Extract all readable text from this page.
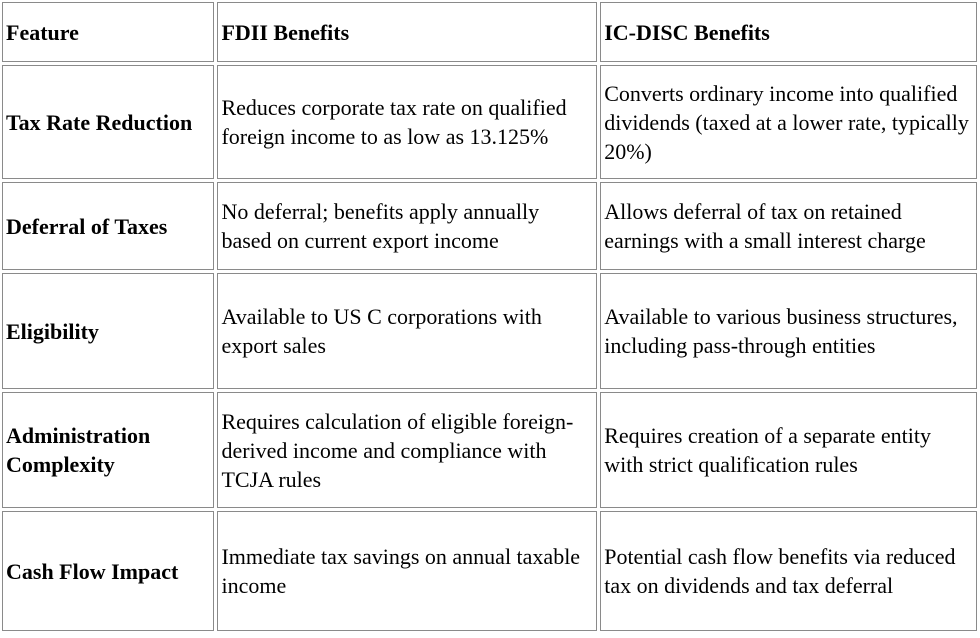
Feature	FDII Benefits	IC-DISC Benefits
Tax Rate Reduction	Reduces corporate tax rate on qualified foreign income to as low as 13.125%	Converts ordinary income into qualified dividends (taxed at a lower rate, typically 20%)
Deferral of Taxes	No deferral; benefits apply annually based on current export income	Allows deferral of tax on retained earnings with a small interest charge
Eligibility	Available to US C corporations with export sales	Available to various business structures, including pass-through entities
Administration Complexity	Requires calculation of eligible foreign-derived income and compliance with TCJA rules	Requires creation of a separate entity with strict qualification rules
Cash Flow Impact	Immediate tax savings on annual taxable income	Potential cash flow benefits via reduced tax on dividends and tax deferral
